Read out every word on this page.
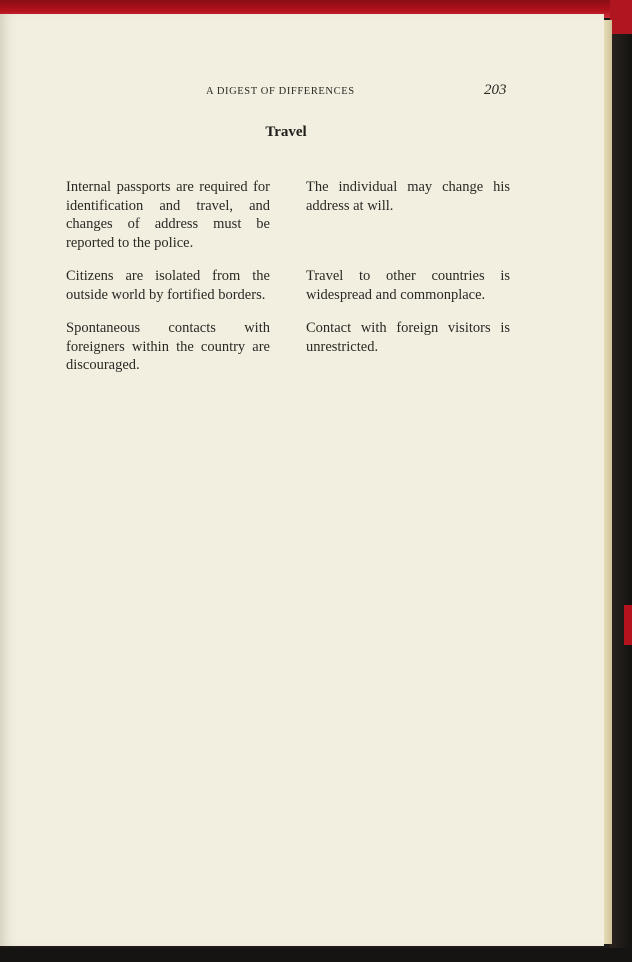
A DIGEST OF DIFFERENCES	203
Travel
Internal passports are required for identification and travel, and changes of address must be reported to the police.
The individual may change his address at will.
Citizens are isolated from the outside world by fortified borders.
Travel to other countries is widespread and commonplace.
Spontaneous contacts with foreigners within the country are discouraged.
Contact with foreign visitors is unrestricted.
